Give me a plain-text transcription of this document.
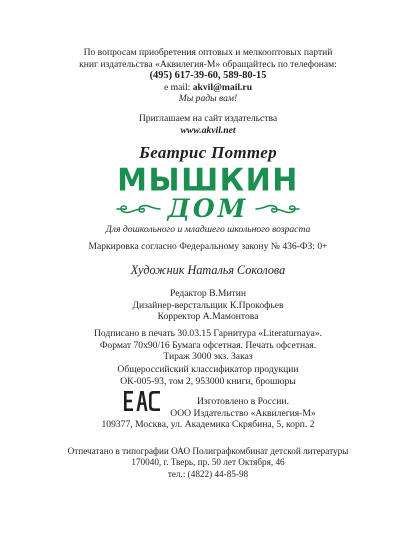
По вопросам приобретения оптовых и мелкооптовых партий
книг издательства «Аквилегия-М» обращайтесь по телефонам:
(495) 617-39-60, 589-80-15
e mail: akvil@mail.ru
Мы рады вам!
Приглашаем на сайт издательства
www.akvil.net
Беатрис Поттер
МЫШКИН
ДОМ
Для дошкольного и младшего школьного возраста
Маркировка согласно Федеральному закону № 436-ФЗ: 0+
Художник Наталья Соколова
Редактор В.Митин
Дизайнер-верстальщик К.Прокофьев
Корректор А.Мамонтова
Подписано в печать 30.03.15 Гарнитура «Literaturnaya».
Формат 70х90/16 Бумага офсетная. Печать офсетная.
Тираж 3000 экз. Заказ
Общероссийский классификатор продукции
ОК-005-93, том 2, 953000 книги, брошюры
Изготовлено в России.
ООО Издательство «Аквилегия-М»
109377, Москва, ул. Академика Скрябина, 5, корп. 2
Отпечатано в типографии ОАО Полиграфкомбинат детской литературы
170040, г. Тверь, пр. 50 лет Октября, 46
тел.: (4822) 44-85-98
